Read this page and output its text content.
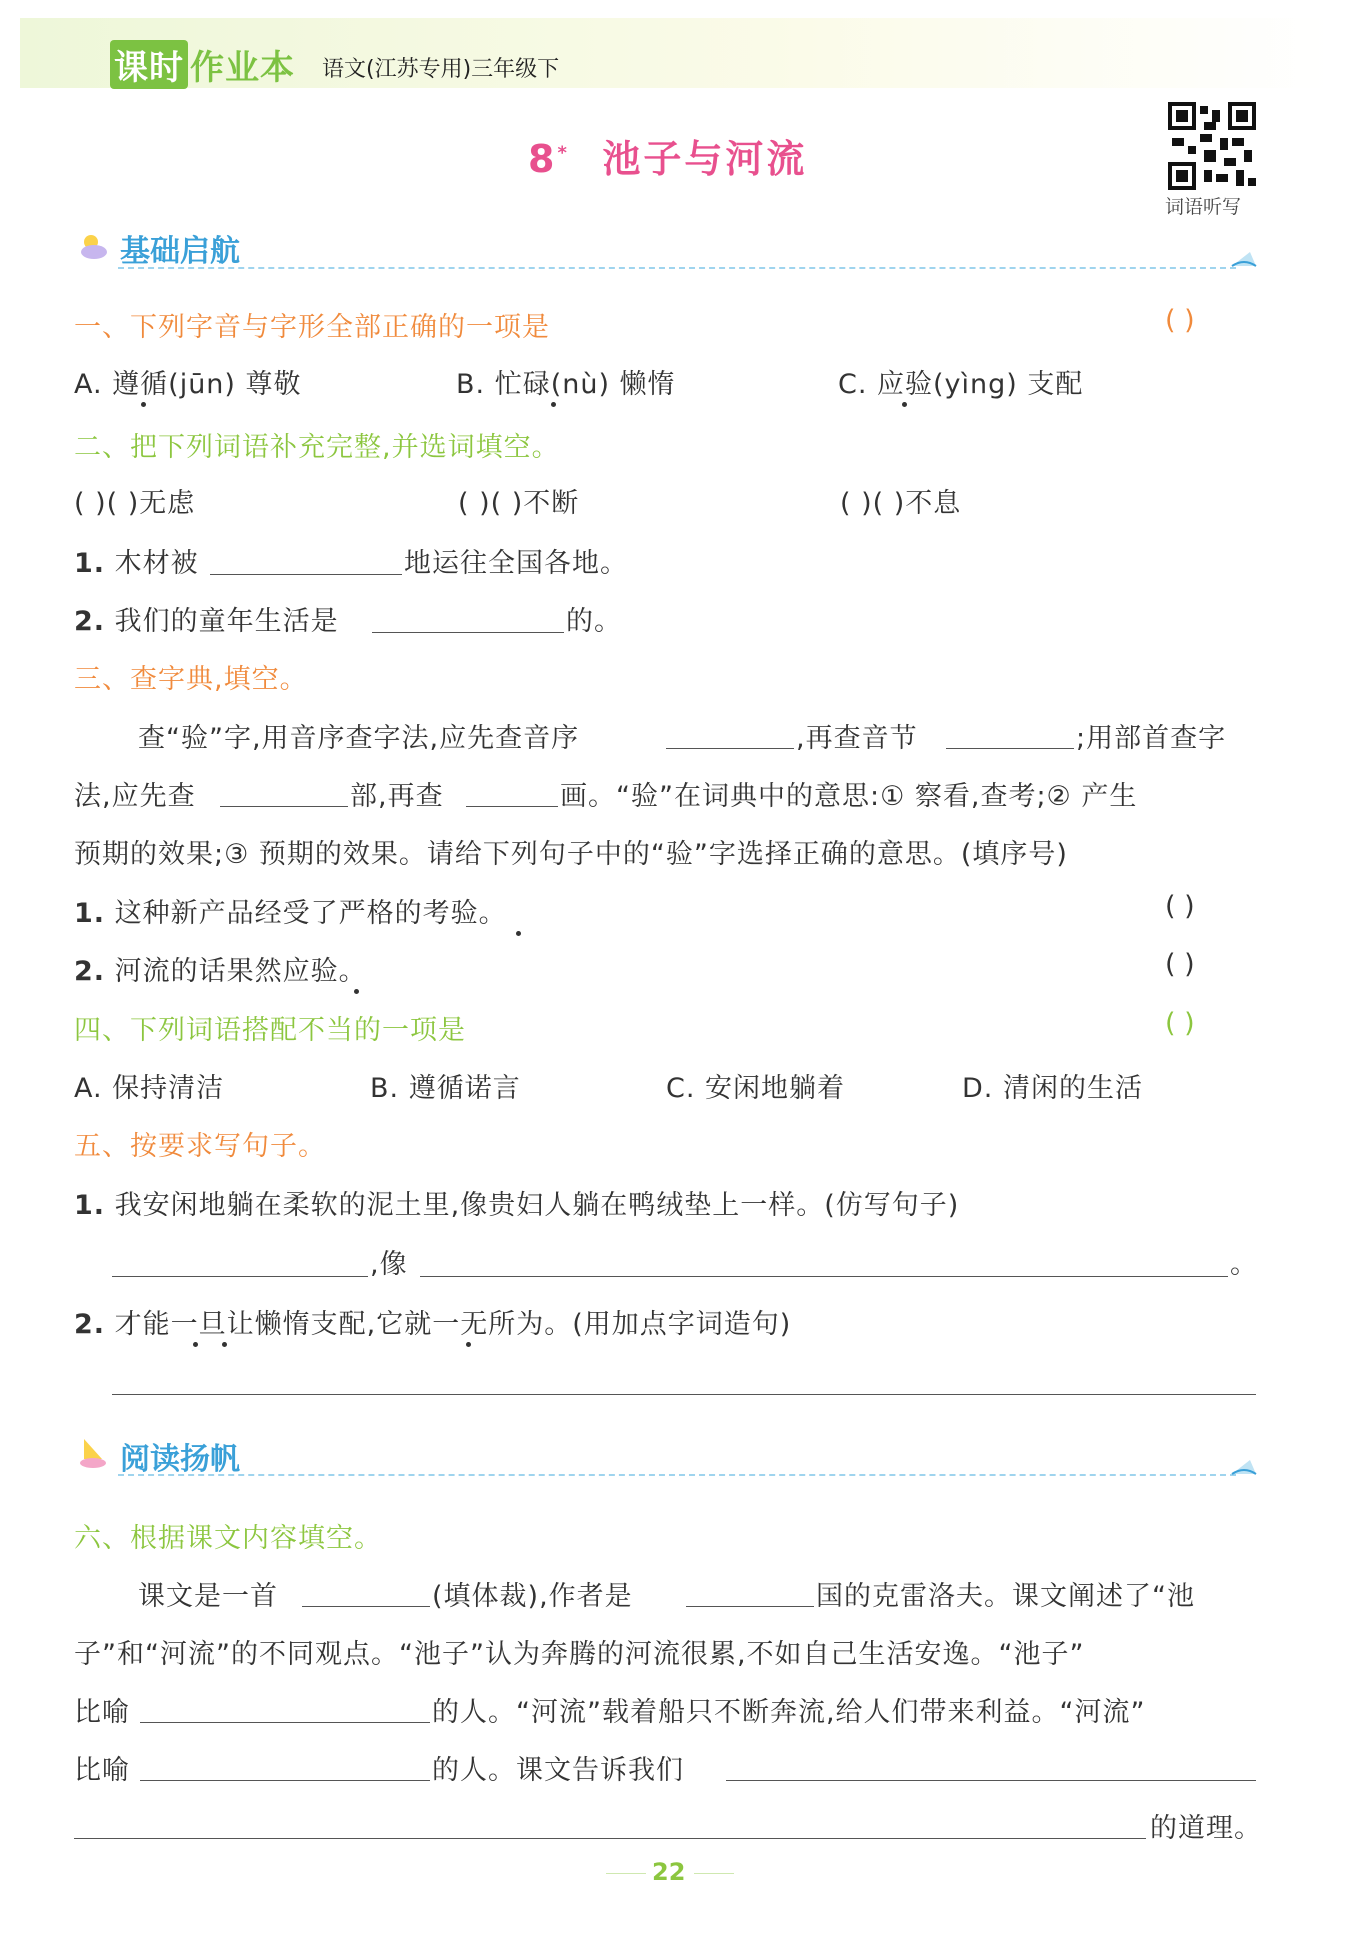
课时 作业本 语文(江苏专用)三年级下
8* 池子与河流
词语听写
基础启航
一、下列字音与字形全部正确的一项是	( )
A. 遵循(jūn) 尊敬	B. 忙碌(nù) 懒惰	C. 应验(yìng) 支配
二、把下列词语补充完整,并选词填空。
( )( )无虑	( )( )不断	( )( )不息
1. 木材被	地运往全国各地。
2. 我们的童年生活是	的。
三、查字典,填空。
查“验”字,用音序查字法,应先查音序	,再查音节	;用部首查字
法,应先查	部,再查	画。“验”在词典中的意思:① 察看,查考;② 产生
预期的效果;③ 预期的效果。请给下列句子中的“验”字选择正确的意思。(填序号)
1. 这种新产品经受了严格的考验。	( )
2. 河流的话果然应验。	( )
四、下列词语搭配不当的一项是	( )
A. 保持清洁	B. 遵循诺言	C. 安闲地躺着	D. 清闲的生活
五、按要求写句子。
1. 我安闲地躺在柔软的泥土里,像贵妇人躺在鸭绒垫上一样。(仿写句子)
,像	。
2. 才能一旦让懒惰支配,它就一无所为。(用加点字词造句)
阅读扬帆
六、根据课文内容填空。
课文是一首	(填体裁),作者是	国的克雷洛夫。课文阐述了“池
子”和“河流”的不同观点。“池子”认为奔腾的河流很累,不如自己生活安逸。“池子”
比喻	的人。“河流”载着船只不断奔流,给人们带来利益。“河流”
比喻	的人。课文告诉我们
的道理。
22
